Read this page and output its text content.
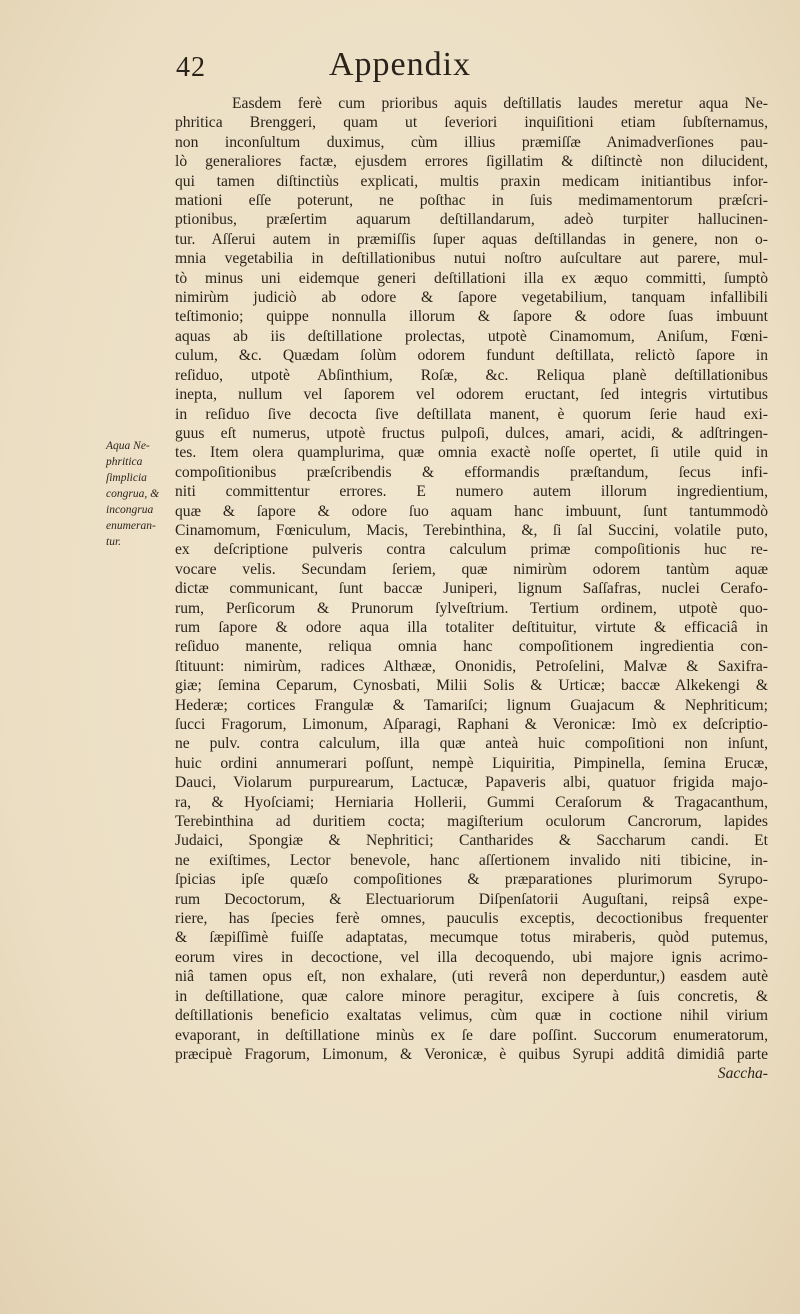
42	Appendix
Aqua Ne-
phritica
ſimplicia
congrua, &
incongrua
enumeran-
tur.
Easdem ferè cum prioribus aquis deſtillatis laudes meretur aqua Ne-
phritica Brenggeri, quam ut ſeveriori inquiſitioni etiam ſubſternamus,
non inconſultum duximus, cùm illius præmiſſæ Animadverſiones pau-
lò generaliores factæ, ejusdem errores ſigillatim & diſtinctè non dilucident,
qui tamen diſtinctiùs explicati, multis praxin medicam initiantibus infor-
mationi eſſe poterunt, ne poſthac in ſuis medimamentorum præſcri-
ptionibus, præſertim aquarum deſtillandarum, adeò turpiter hallucinen-
tur. Aſſerui autem in præmiſſis ſuper aquas deſtillandas in genere, non o-
mnia vegetabilia in deſtillationibus nutui noſtro auſcultare aut parere, mul-
tò minus uni eidemque generi deſtillationi illa ex æquo committi, ſumptò
nimirùm judiciò ab odore & ſapore vegetabilium, tanquam infallibili
teſtimonio; quippe nonnulla illorum & ſapore & odore ſuas imbuunt
aquas ab iis deſtillatione prolectas, utpotè Cinamomum, Aniſum, Fœni-
culum, &c. Quædam ſolùm odorem fundunt deſtillata, relictò ſapore in
reſiduo, utpotè Abſinthium, Roſæ, &c. Reliqua planè deſtillationibus
inepta, nullum vel ſaporem vel odorem eructant, ſed integris virtutibus
in reſiduo ſive decocta ſive deſtillata manent, è quorum ſerie haud exi-
guus eſt numerus, utpotè fructus pulpoſi, dulces, amari, acidi, & adſtringen-
tes. Item olera quamplurima, quæ omnia exactè noſſe opertet, ſi utile quid in
compoſitionibus præſcribendis & efformandis præſtandum, ſecus infi-
niti committentur errores. E numero autem illorum ingredientium,
quæ & ſapore & odore ſuo aquam hanc imbuunt, ſunt tantummodò
Cinamomum, Fœniculum, Macis, Terebinthina, &, ſi ſal Succini, volatile puto,
ex deſcriptione pulveris contra calculum primæ compoſitionis huc re-
vocare velis. Secundam ſeriem, quæ nimirùm odorem tantùm aquæ
dictæ communicant, ſunt baccæ Juniperi, lignum Saſſafras, nuclei Cerafo-
rum, Perſicorum & Prunorum ſylveſtrium. Tertium ordinem, utpotè quo-
rum ſapore & odore aqua illa totaliter deſtituitur, virtute & efficaciâ in
reſiduo manente, reliqua omnia hanc compoſitionem ingredientia con-
ſtituunt: nimirùm, radices Althææ, Ononidis, Petroſelini, Malvæ & Saxifra-
giæ; ſemina Ceparum, Cynosbati, Milii Solis & Urticæ; baccæ Alkekengi &
Hederæ; cortices Frangulæ & Tamariſci; lignum Guajacum & Nephriticum;
ſucci Fragorum, Limonum, Aſparagi, Raphani & Veronicæ: Imò ex deſcriptio-
ne pulv. contra calculum, illa quæ anteà huic compoſitioni non inſunt,
huic ordini annumerari poſſunt, nempè Liquiritia, Pimpinella, ſemina Erucæ,
Dauci, Violarum purpurearum, Lactucæ, Papaveris albi, quatuor frigida majo-
ra, & Hyoſciami; Herniaria Hollerii, Gummi Ceraſorum & Tragacanthum,
Terebinthina ad duritiem cocta; magiſterium oculorum Cancrorum, lapides
Judaici, Spongiæ & Nephritici; Cantharides & Saccharum candi. Et
ne exiſtimes, Lector benevole, hanc aſſertionem invalido niti tibicine, in-
ſpicias ipſe quæſo compoſitiones & præparationes plurimorum Syrupo-
rum Decoctorum, & Electuariorum Diſpenſatorii Auguſtani, reipsâ expe-
riere, has ſpecies ferè omnes, pauculis exceptis, decoctionibus frequenter
& ſæpiſſimè fuiſſe adaptatas, mecumque totus miraberis, quòd putemus,
eorum vires in decoctione, vel illa decoquendo, ubi majore ignis acrimo-
niâ tamen opus eſt, non exhalare, (uti reverâ non deperduntur,) easdem autè
in deſtillatione, quæ calore minore peragitur, excipere à ſuis concretis, &
deſtillationis beneficio exaltatas velimus, cùm quæ in coctione nihil virium
evaporant, in deſtillatione minùs ex ſe dare poſſint. Succorum enumeratorum,
præcipuè Fragorum, Limonum, & Veronicæ, è quibus Syrupi additâ dimidiâ parte
Saccha-
